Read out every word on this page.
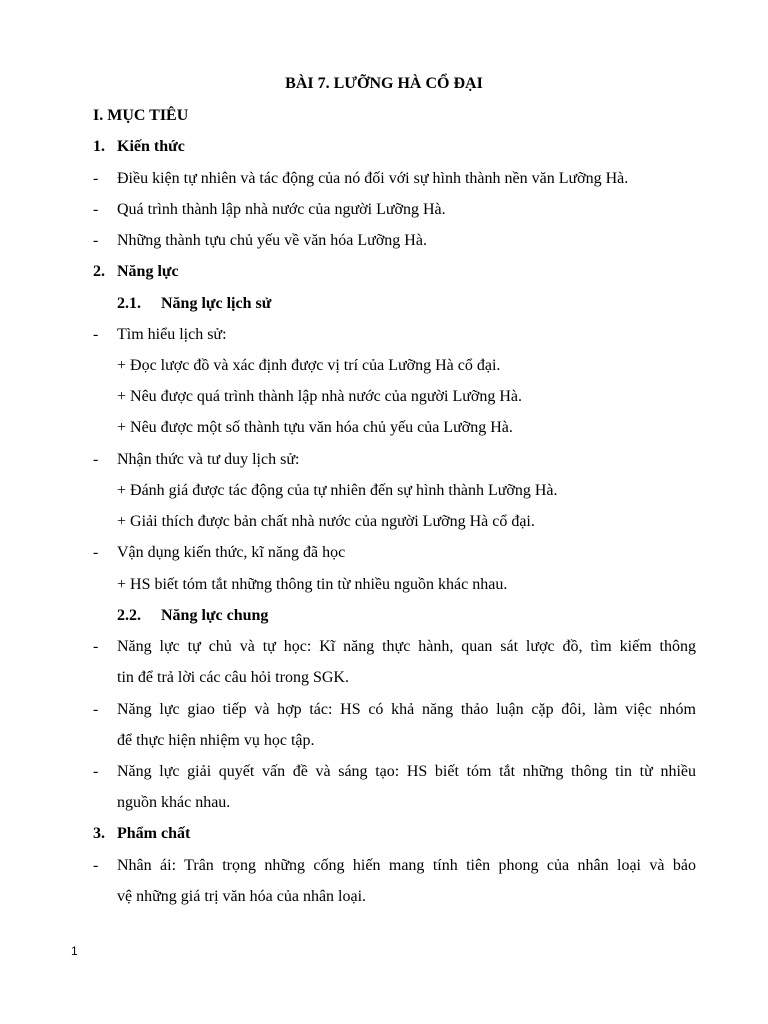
BÀI 7. LƯỠNG HÀ CỔ ĐẠI
I. MỤC TIÊU
1. Kiến thức
- Điều kiện tự nhiên và tác động của nó đối với sự hình thành nền văn Lưỡng Hà.
- Quá trình thành lập nhà nước của người Lưỡng Hà.
- Những thành tựu chủ yếu về văn hóa Lưỡng Hà.
2. Năng lực
2.1. Năng lực lịch sử
- Tìm hiểu lịch sử:
+ Đọc lược đồ và xác định được vị trí của Lưỡng Hà cổ đại.
+ Nêu được quá trình thành lập nhà nước của người Lưỡng Hà.
+ Nêu được một số thành tựu văn hóa chủ yếu của Lưỡng Hà.
- Nhận thức và tư duy lịch sử:
+ Đánh giá được tác động của tự nhiên đến sự hình thành Lưỡng Hà.
+ Giải thích được bản chất nhà nước của người Lưỡng Hà cổ đại.
- Vận dụng kiến thức, kĩ năng đã học
+ HS biết tóm tắt những thông tin từ nhiều nguồn khác nhau.
2.2. Năng lực chung
- Năng lực tự chủ và tự học: Kĩ năng thực hành, quan sát lược đồ, tìm kiếm thông
tin để trả lời các câu hỏi trong SGK.
- Năng lực giao tiếp và hợp tác: HS có khả năng thảo luận cặp đôi, làm việc nhóm
để thực hiện nhiệm vụ học tập.
- Năng lực giải quyết vấn đề và sáng tạo: HS biết tóm tắt những thông tin từ nhiều
nguồn khác nhau.
3. Phẩm chất
- Nhân ái: Trân trọng những cống hiến mang tính tiên phong của nhân loại và bảo
vệ những giá trị văn hóa của nhân loại.
1
